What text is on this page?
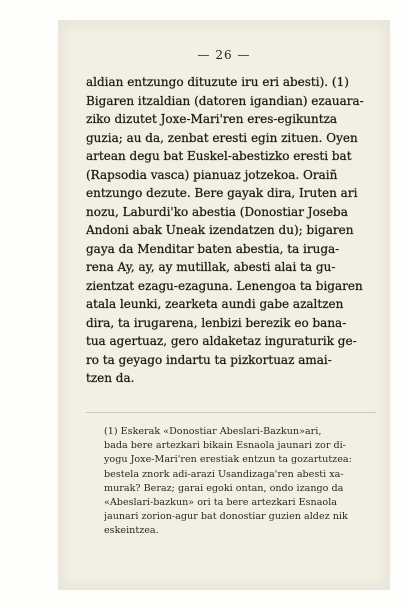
— 26 —
aldian entzungo dituzute iru eri abesti). (1)
Bigaren itzaldian (datoren igandian) ezauara-
ziko dizutet Joxe-Mari'ren eres-egikuntza
guzia; au da, zenbat eresti egin zituen. Oyen
artean degu bat Euskel-abestizko eresti bat
(Rapsodia vasca) pianuaz jotzekoa. Oraiñ
entzungo dezute. Bere gayak dira, Iruten ari
nozu, Laburdi'ko abestia (Donostiar Joseba
Andoni abak Uneak izendatzen du); bigaren
gaya da Menditar baten abestia, ta iruga-
rena Ay, ay, ay mutillak, abesti alai ta gu-
zientzat ezagu-ezaguna. Lenengoa ta bigaren
atala leunki, zearketa aundi gabe azaltzen
dira, ta irugarena, lenbizi berezik eo bana-
tua agertuaz, gero aldaketaz inguraturik ge-
ro ta geyago indartu ta pizkortuaz amai-
tzen da.
(1) Eskerak «Donostiar Abeslari-Bazkun»ari,
bada bere artezkari bikain Esnaola jaunari zor di-
yogu Joxe-Mari'ren erestiak entzun ta gozartutzea:
bestela znork adi-arazi Usandizaga'ren abesti xa-
murak? Beraz; garai egoki ontan, ondo izango da
«Abeslari-bazkun» ori ta bere artezkari Esnaola
jaunari zorion-agur bat donostiar guzien aldez nik
eskeintzea.
